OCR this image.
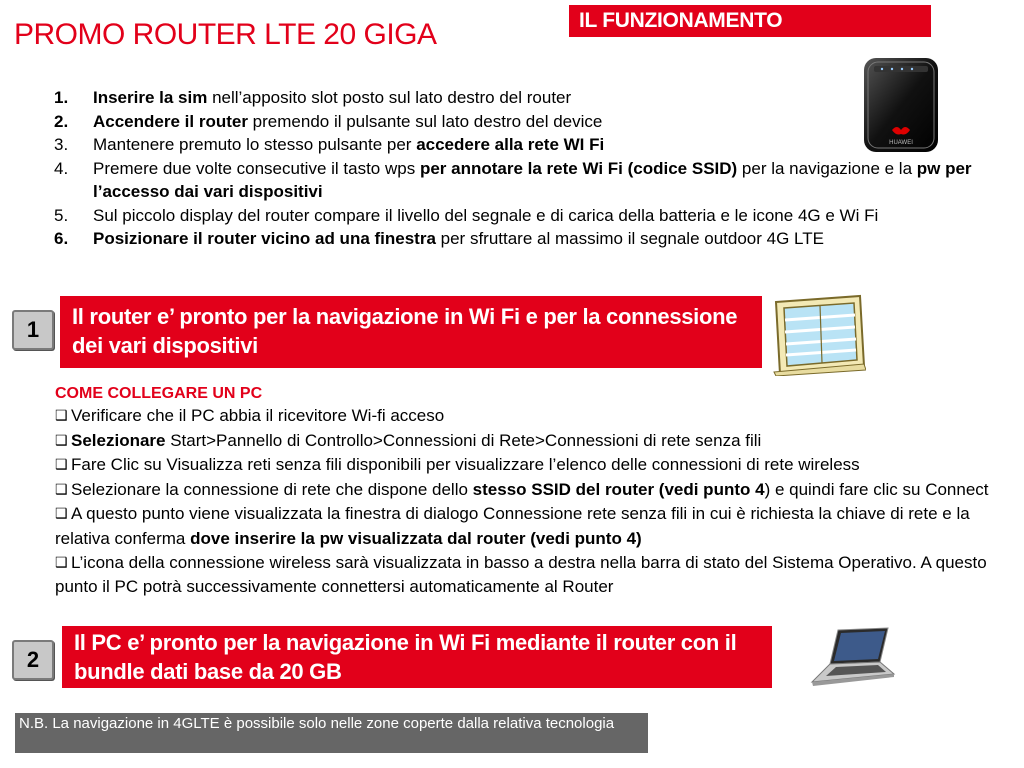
PROMO ROUTER LTE 20 GIGA	IL FUNZIONAMENTO
HUAWEI
1. Inserire la sim nell’apposito slot posto sul lato destro del router
2. Accendere il router premendo il pulsante sul lato destro del device
3. Mantenere premuto lo stesso pulsante per accedere alla rete WI Fi
4. Premere due volte consecutive il tasto wps per annotare la rete Wi Fi (codice SSID) per la navigazione e la pw per l’accesso dai vari dispositivi
5. Sul piccolo display del router compare il livello del segnale e di carica della batteria e le icone 4G e Wi Fi
6. Posizionare il router vicino ad una finestra per sfruttare al massimo il segnale outdoor 4G LTE
1
Il router e’ pronto per la navigazione in Wi Fi e per la connessione dei vari dispositivi
COME COLLEGARE UN PC
❑ Verificare che il PC abbia il ricevitore Wi-fi acceso
❑ Selezionare Start>Pannello di Controllo>Connessioni di Rete>Connessioni di rete senza fili
❑ Fare Clic su Visualizza reti senza fili disponibili per visualizzare l’elenco delle connessioni di rete wireless
❑ Selezionare la connessione di rete che dispone dello stesso SSID del router (vedi punto 4) e quindi fare clic su Connect
❑ A questo punto viene visualizzata la finestra di dialogo Connessione rete senza fili in cui è richiesta la chiave di rete e la relativa conferma dove inserire la pw visualizzata dal router (vedi punto 4)
❑ L’icona della connessione wireless sarà visualizzata in basso a destra nella barra di stato del Sistema Operativo. A questo punto il PC potrà successivamente connettersi automaticamente al Router
2
Il PC e’ pronto per la navigazione in Wi Fi mediante il router con il bundle dati base da 20 GB
N.B. La navigazione in 4GLTE è possibile solo nelle zone coperte dalla relativa tecnologia
